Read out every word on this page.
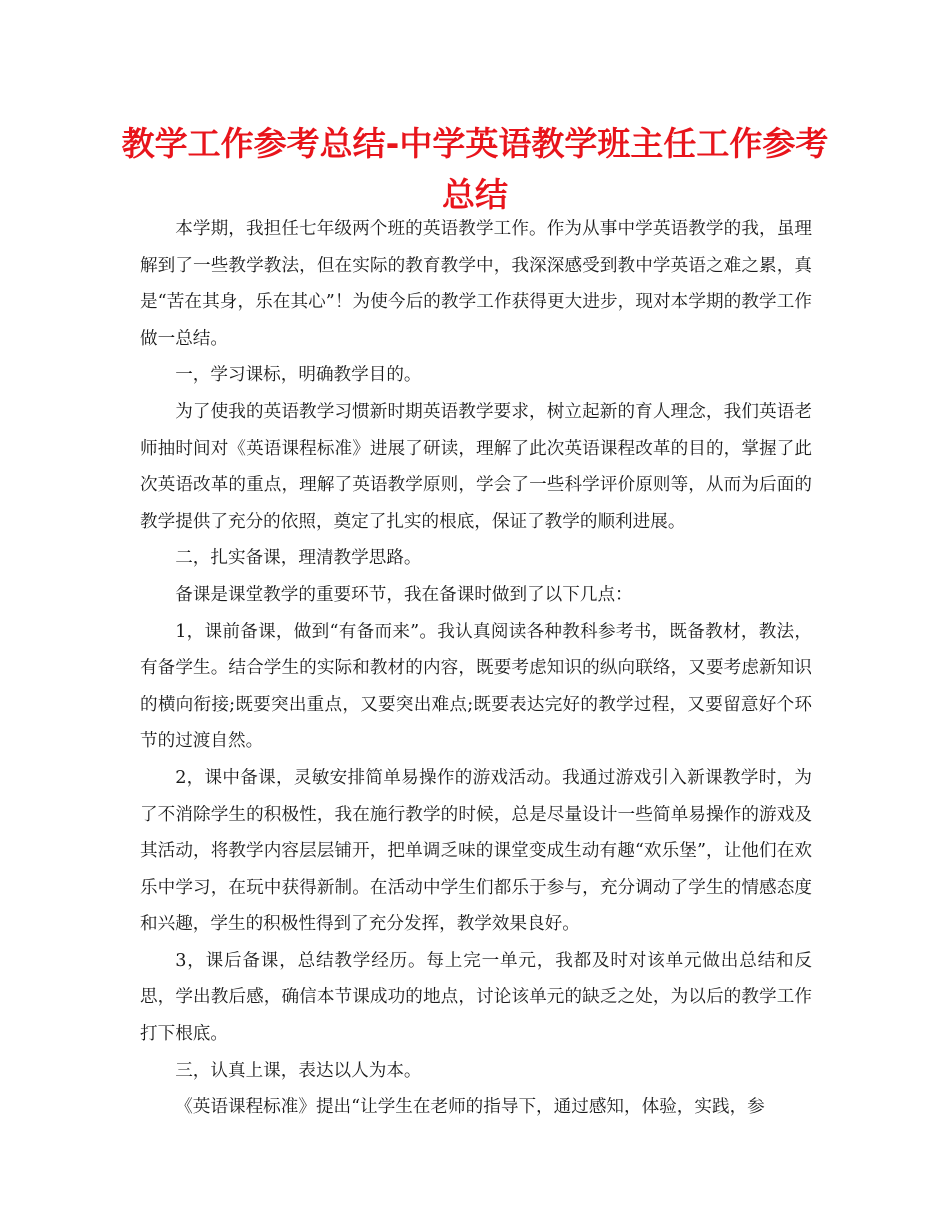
教学工作参考总结-中学英语教学班主任工作参考总结

本学期，我担任七年级两个班的英语教学工作。作为从事中学英语教学的我，虽理解到了一些教学教法，但在实际的教育教学中，我深深感受到教中学英语之难之累，真是“苦在其身，乐在其心”！为使今后的教学工作获得更大进步，现对本学期的教学工作做一总结。

一，学习课标，明确教学目的。

为了使我的英语教学习惯新时期英语教学要求，树立起新的育人理念，我们英语老师抽时间对《英语课程标准》进展了研读，理解了此次英语课程改革的目的，掌握了此次英语改革的重点，理解了英语教学原则，学会了一些科学评价原则等，从而为后面的教学提供了充分的依照，奠定了扎实的根底，保证了教学的顺利进展。

二，扎实备课，理清教学思路。

备课是课堂教学的重要环节，我在备课时做到了以下几点：

1，课前备课，做到“有备而来”。我认真阅读各种教科参考书，既备教材，教法，有备学生。结合学生的实际和教材的内容，既要考虑知识的纵向联络，又要考虑新知识的横向衔接;既要突出重点，又要突出难点;既要表达完好的教学过程，又要留意好个环节的过渡自然。

2，课中备课，灵敏安排简单易操作的游戏活动。我通过游戏引入新课教学时，为了不消除学生的积极性，我在施行教学的时候，总是尽量设计一些简单易操作的游戏及其活动，将教学内容层层铺开，把单调乏味的课堂变成生动有趣“欢乐堡”，让他们在欢乐中学习，在玩中获得新制。在活动中学生们都乐于参与，充分调动了学生的情感态度和兴趣，学生的积极性得到了充分发挥，教学效果良好。

3，课后备课，总结教学经历。每上完一单元，我都及时对该单元做出总结和反思，学出教后感，确信本节课成功的地点，讨论该单元的缺乏之处，为以后的教学工作打下根底。

三，认真上课，表达以人为本。

《英语课程标准》提出“让学生在老师的指导下，通过感知，体验，实践，参
